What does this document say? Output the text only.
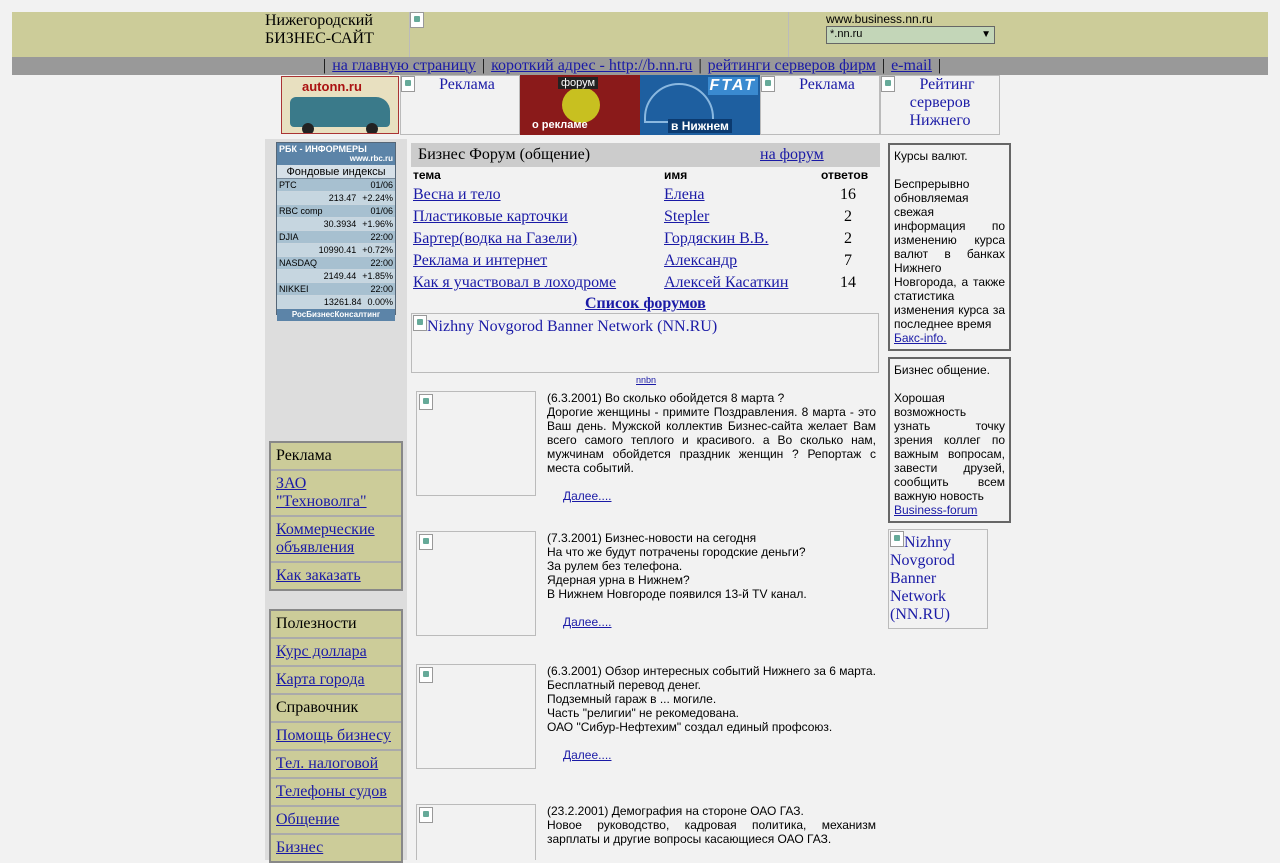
Нижегородский
БИЗНЕС-САЙТ
www.business.nn.ru
*.nn.ru	▼
| на главную страницу | короткий адрес - http://b.nn.ru | рейтинги серверов фирм | e-mail |
autonn.ru	Реклама	форум
о рекламе
FTAT
в Нижнем
Реклама	Рейтинг серверов Нижнего
РБК - ИНФОРМЕРЫ
www.rbc.ru
Фондовые индексы
РТС	01/06
213.47 +2.24%
RBC comp	01/06
30.3934 +1.96%
DJIA	22:00
10990.41 +0.72%
NASDAQ	22:00
2149.44 +1.85%
NIKKEI	22:00
13261.84 0.00%
РосБизнесКонсалтинг
Реклама
ЗАО "Техноволга"
Коммерческие объявления
Как заказать
Полезности
Курс доллара
Карта города
Справочник
Помощь бизнесу
Тел. налоговой
Телефоны судов
Общение
Бизнес
Бизнес Форум (общение)	на форум
тема	имя	ответов
Весна и тело	Елена	16
Пластиковые карточки	Stepler	2
Бартер(водка на Газели)	Гордяскин В.В.	2
Реклама и интернет	Александр	7
Как я участвовал в лоходроме	Алексей Касаткин	14
Список форумов
Nizhny Novgorod Banner Network (NN.RU)
nnbn
(6.3.2001) Во сколько обойдется 8 марта ?
Дорогие женщины - примите Поздравления. 8 марта - это Ваш день. Мужской коллектив Бизнес-сайта желает Вам всего самого теплого и красивого. а Во сколько нам, мужчинам обойдется праздник женщин ? Репортаж с места событий.
Далее....
(7.3.2001) Бизнес-новости на сегодня
На что же будут потрачены городские деньги?
За рулем без телефона.
Ядерная урна в Нижнем?
В Нижнем Новгороде появился 13-й TV канал.
Далее....
(6.3.2001) Обзор интересных событий Нижнего за 6 марта.
Бесплатный перевод денег.
Подземный гараж в ... могиле.
Часть "религии" не рекомедована.
ОАО "Сибур-Нефтехим" создал единый профсоюз.
Далее....
(23.2.2001) Демография на стороне ОАО ГАЗ.
Новое руководство, кадровая политика, механизм зарплаты и другие вопросы касающиеся ОАО ГАЗ.
Курсы валют.
Беспрерывно обновляемая свежая информация по изменению курса валют в банках Нижнего Новгорода, а также статистика изменения курса за последнее время
Бакс-info.
Бизнес общение.
Хорошая возможность узнать точку зрения коллег по важным вопросам, завести друзей, сообщить всем важную новость
Business-forum
Nizhny Novgorod Banner Network (NN.RU)
